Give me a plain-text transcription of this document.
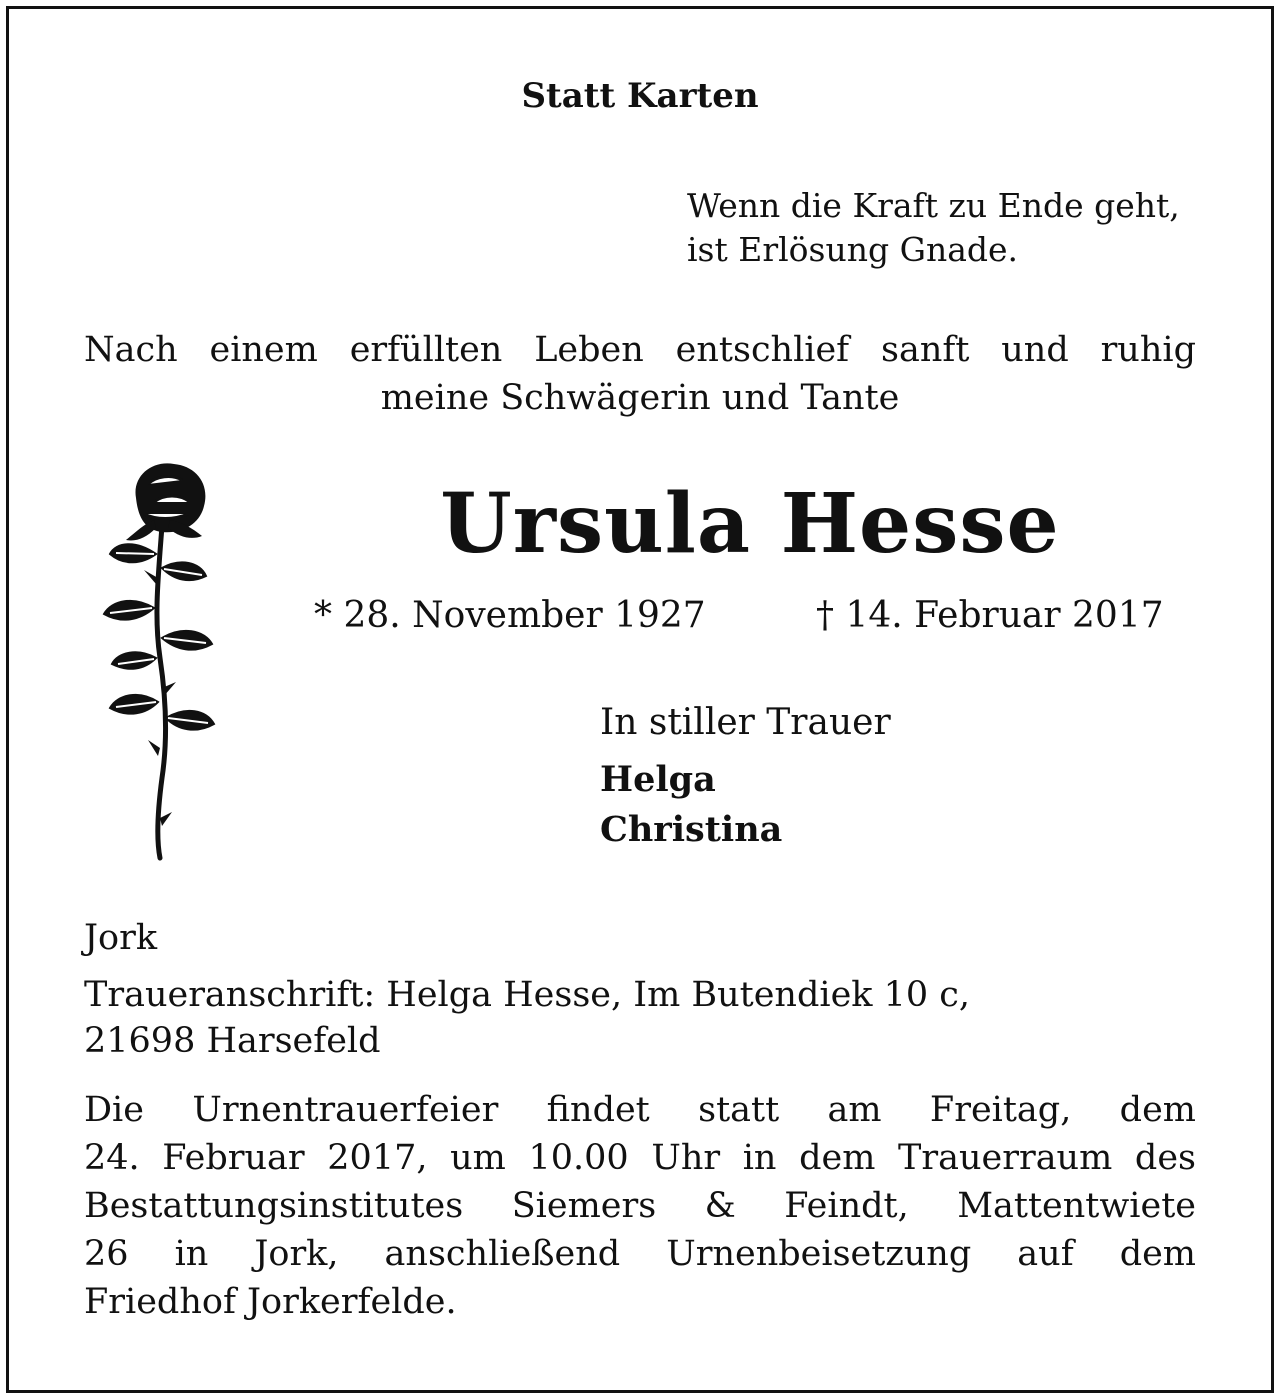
Statt Karten
Wenn die Kraft zu Ende geht,
ist Erlösung Gnade.
Nach einem erfüllten Leben entschlief sanft und ruhig
meine Schwägerin und Tante
Ursula Hesse
* 28. November 1927	† 14. Februar 2017
In stiller Trauer
Helga
Christina
Jork
Traueranschrift: Helga Hesse, Im Butendiek 10 c,
21698 Harsefeld
Die Urnentrauerfeier findet statt am Freitag, dem
24. Februar 2017, um 10.00 Uhr in dem Trauerraum des
Bestattungsinstitutes Siemers & Feindt, Mattentwiete
26 in Jork, anschließend Urnenbeisetzung auf dem
Friedhof Jorkerfelde.
